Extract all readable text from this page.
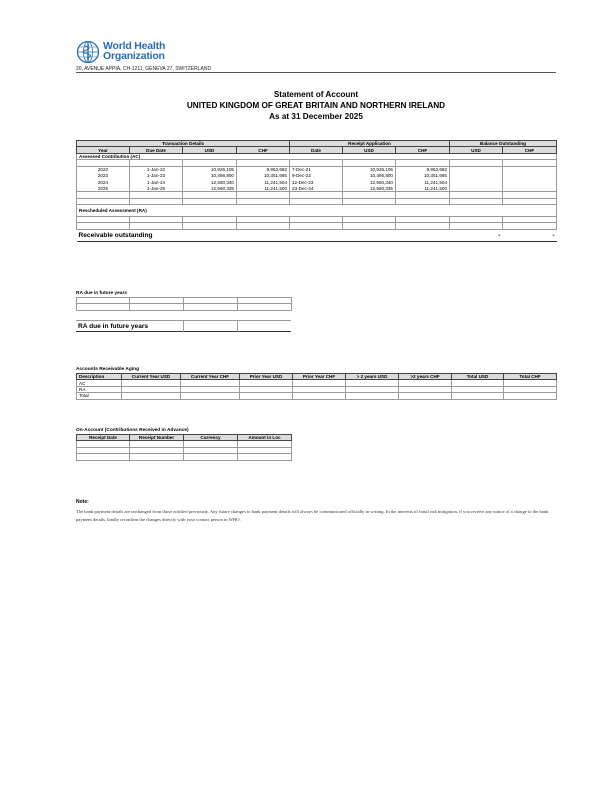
World Health
Organization
20, AVENUE APPIA, CH-1211, GENEVA 27, SWITZERLAND
Statement of Account
UNITED KINGDOM OF GREAT BRITAIN AND NORTHERN IRELAND
As at 31 December 2025
Transaction Details				Receipt Application			Balance Outstanding	
Year	Due Date	USD	CHF	Date	USD	CHF	USD	CHF
Assessed Contribution (AC)								

2022	1-Jan-22	10,926,105	9,953,682	7-Dec-21	10,926,105	9,953,682		
2023	1-Jan-23	10,466,800	10,351,665	9-Dec-22	10,466,800	10,351,665		
2024	1-Jan-24	12,560,340	11,241,504	12-Dec-23	12,560,340	11,241,504		
2025	1-Jan-25	12,560,335	11,241,500	23-Dec-24	12,560,335	11,241,500		

Rescheduled Assessment (RA)								

Receivable outstanding							-	-
RA due in future years

RA due in future years		
Accounts Receivable Aging
Description	Current Year USD	Current Year CHF	Prior Year USD	Prior Year CHF	> 2 years USD	>2 years CHF	Total USD	Total CHF
AC								
RA								
Total								
On-Account (Contributions Received in Advance)
Receipt Date	Receipt Number	Currency	Amount in Loc

Note:
The bank payment details are unchanged from those notified previously. Any future changes to bank payment details will always be communicated officially in writing. In the interests of fraud risk mitigation, if you receive any notice of a change to the bank payment details, kindly reconfirm the changes directly with your contact person in WHO.
